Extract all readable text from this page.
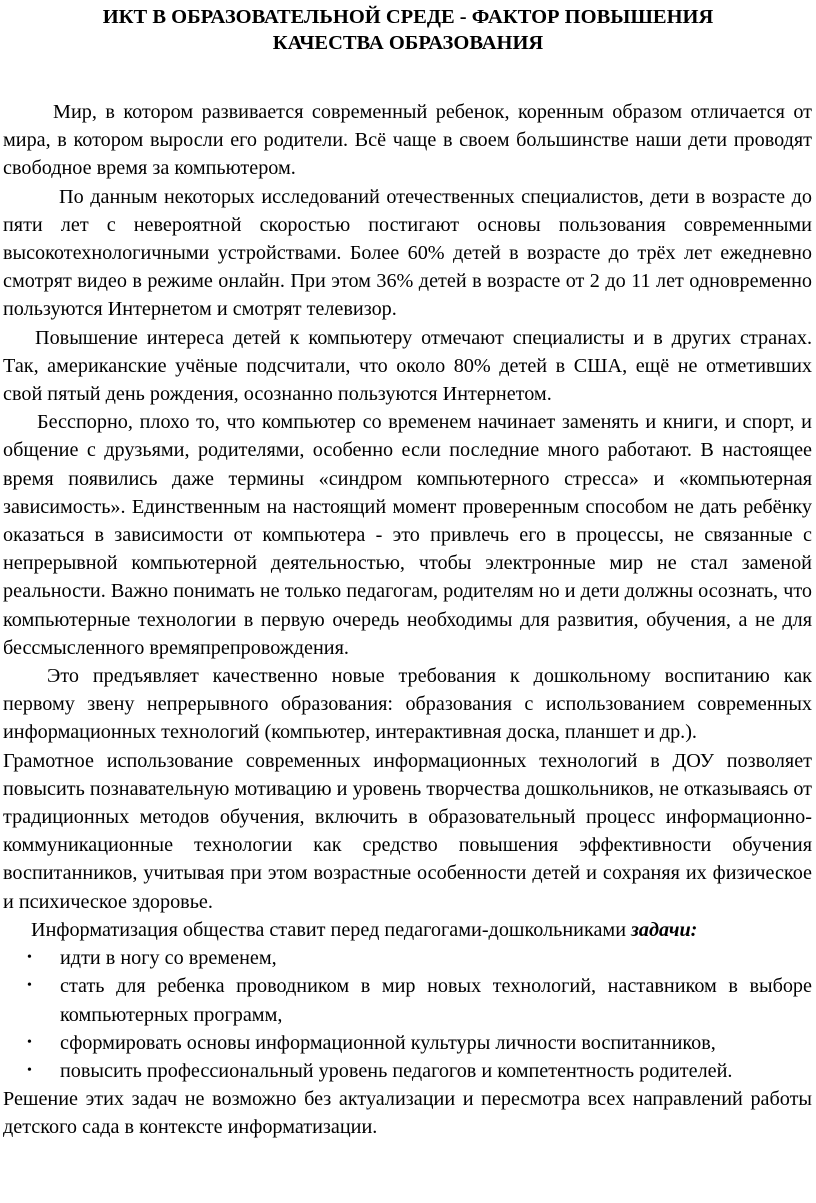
ИКТ В ОБРАЗОВАТЕЛЬНОЙ СРЕДЕ - ФАКТОР ПОВЫШЕНИЯ
КАЧЕСТВА ОБРАЗОВАНИЯ

Мир, в котором развивается современный ребенок, коренным образом отличается от мира, в котором выросли его родители. Всё чаще в своем большинстве наши дети проводят свободное время за компьютером.

По данным некоторых исследований отечественных специалистов, дети в возрасте до пяти лет с невероятной скоростью постигают основы пользования современными высокотехнологичными устройствами. Более 60% детей в возрасте до трёх лет ежедневно смотрят видео в режиме онлайн. При этом 36% детей в возрасте от 2 до 11 лет одновременно пользуются Интернетом и смотрят телевизор.

Повышение интереса детей к компьютеру отмечают специалисты и в других странах. Так, американские учёные подсчитали, что около 80% детей в США, ещё не отметивших свой пятый день рождения, осознанно пользуются Интернетом.

Бесспорно, плохо то, что компьютер со временем начинает заменять и книги, и спорт, и общение с друзьями, родителями, особенно если последние много работают. В настоящее время появились даже термины «синдром компьютерного стресса» и «компьютерная зависимость». Единственным на настоящий момент проверенным способом не дать ребёнку оказаться в зависимости от компьютера - это привлечь его в процессы, не связанные с непрерывной компьютерной деятельностью, чтобы электронные мир не стал заменой реальности. Важно понимать не только педагогам, родителям но и дети должны осознать, что компьютерные технологии в первую очередь необходимы для развития, обучения, а не для бессмысленного времяпрепровождения.

Это предъявляет качественно новые требования к дошкольному воспитанию как первому звену непрерывного образования: образования с использованием современных информационных технологий (компьютер, интерактивная доска, планшет и др.).

Грамотное использование современных информационных технологий в ДОУ позволяет повысить познавательную мотивацию и уровень творчества дошкольников, не отказываясь от традиционных методов обучения, включить в образовательный процесс информационно-коммуникационные технологии как средство повышения эффективности обучения воспитанников, учитывая при этом возрастные особенности детей и сохраняя их физическое и психическое здоровье.

Информатизация общества ставит перед педагогами-дошкольниками задачи:

• идти в ногу со временем,
• стать для ребенка проводником в мир новых технологий, наставником в выборе компьютерных программ,
• сформировать основы информационной культуры личности воспитанников,
• повысить профессиональный уровень педагогов и компетентность родителей.

Решение этих задач не возможно без актуализации и пересмотра всех направлений работы детского сада в контексте информатизации.
